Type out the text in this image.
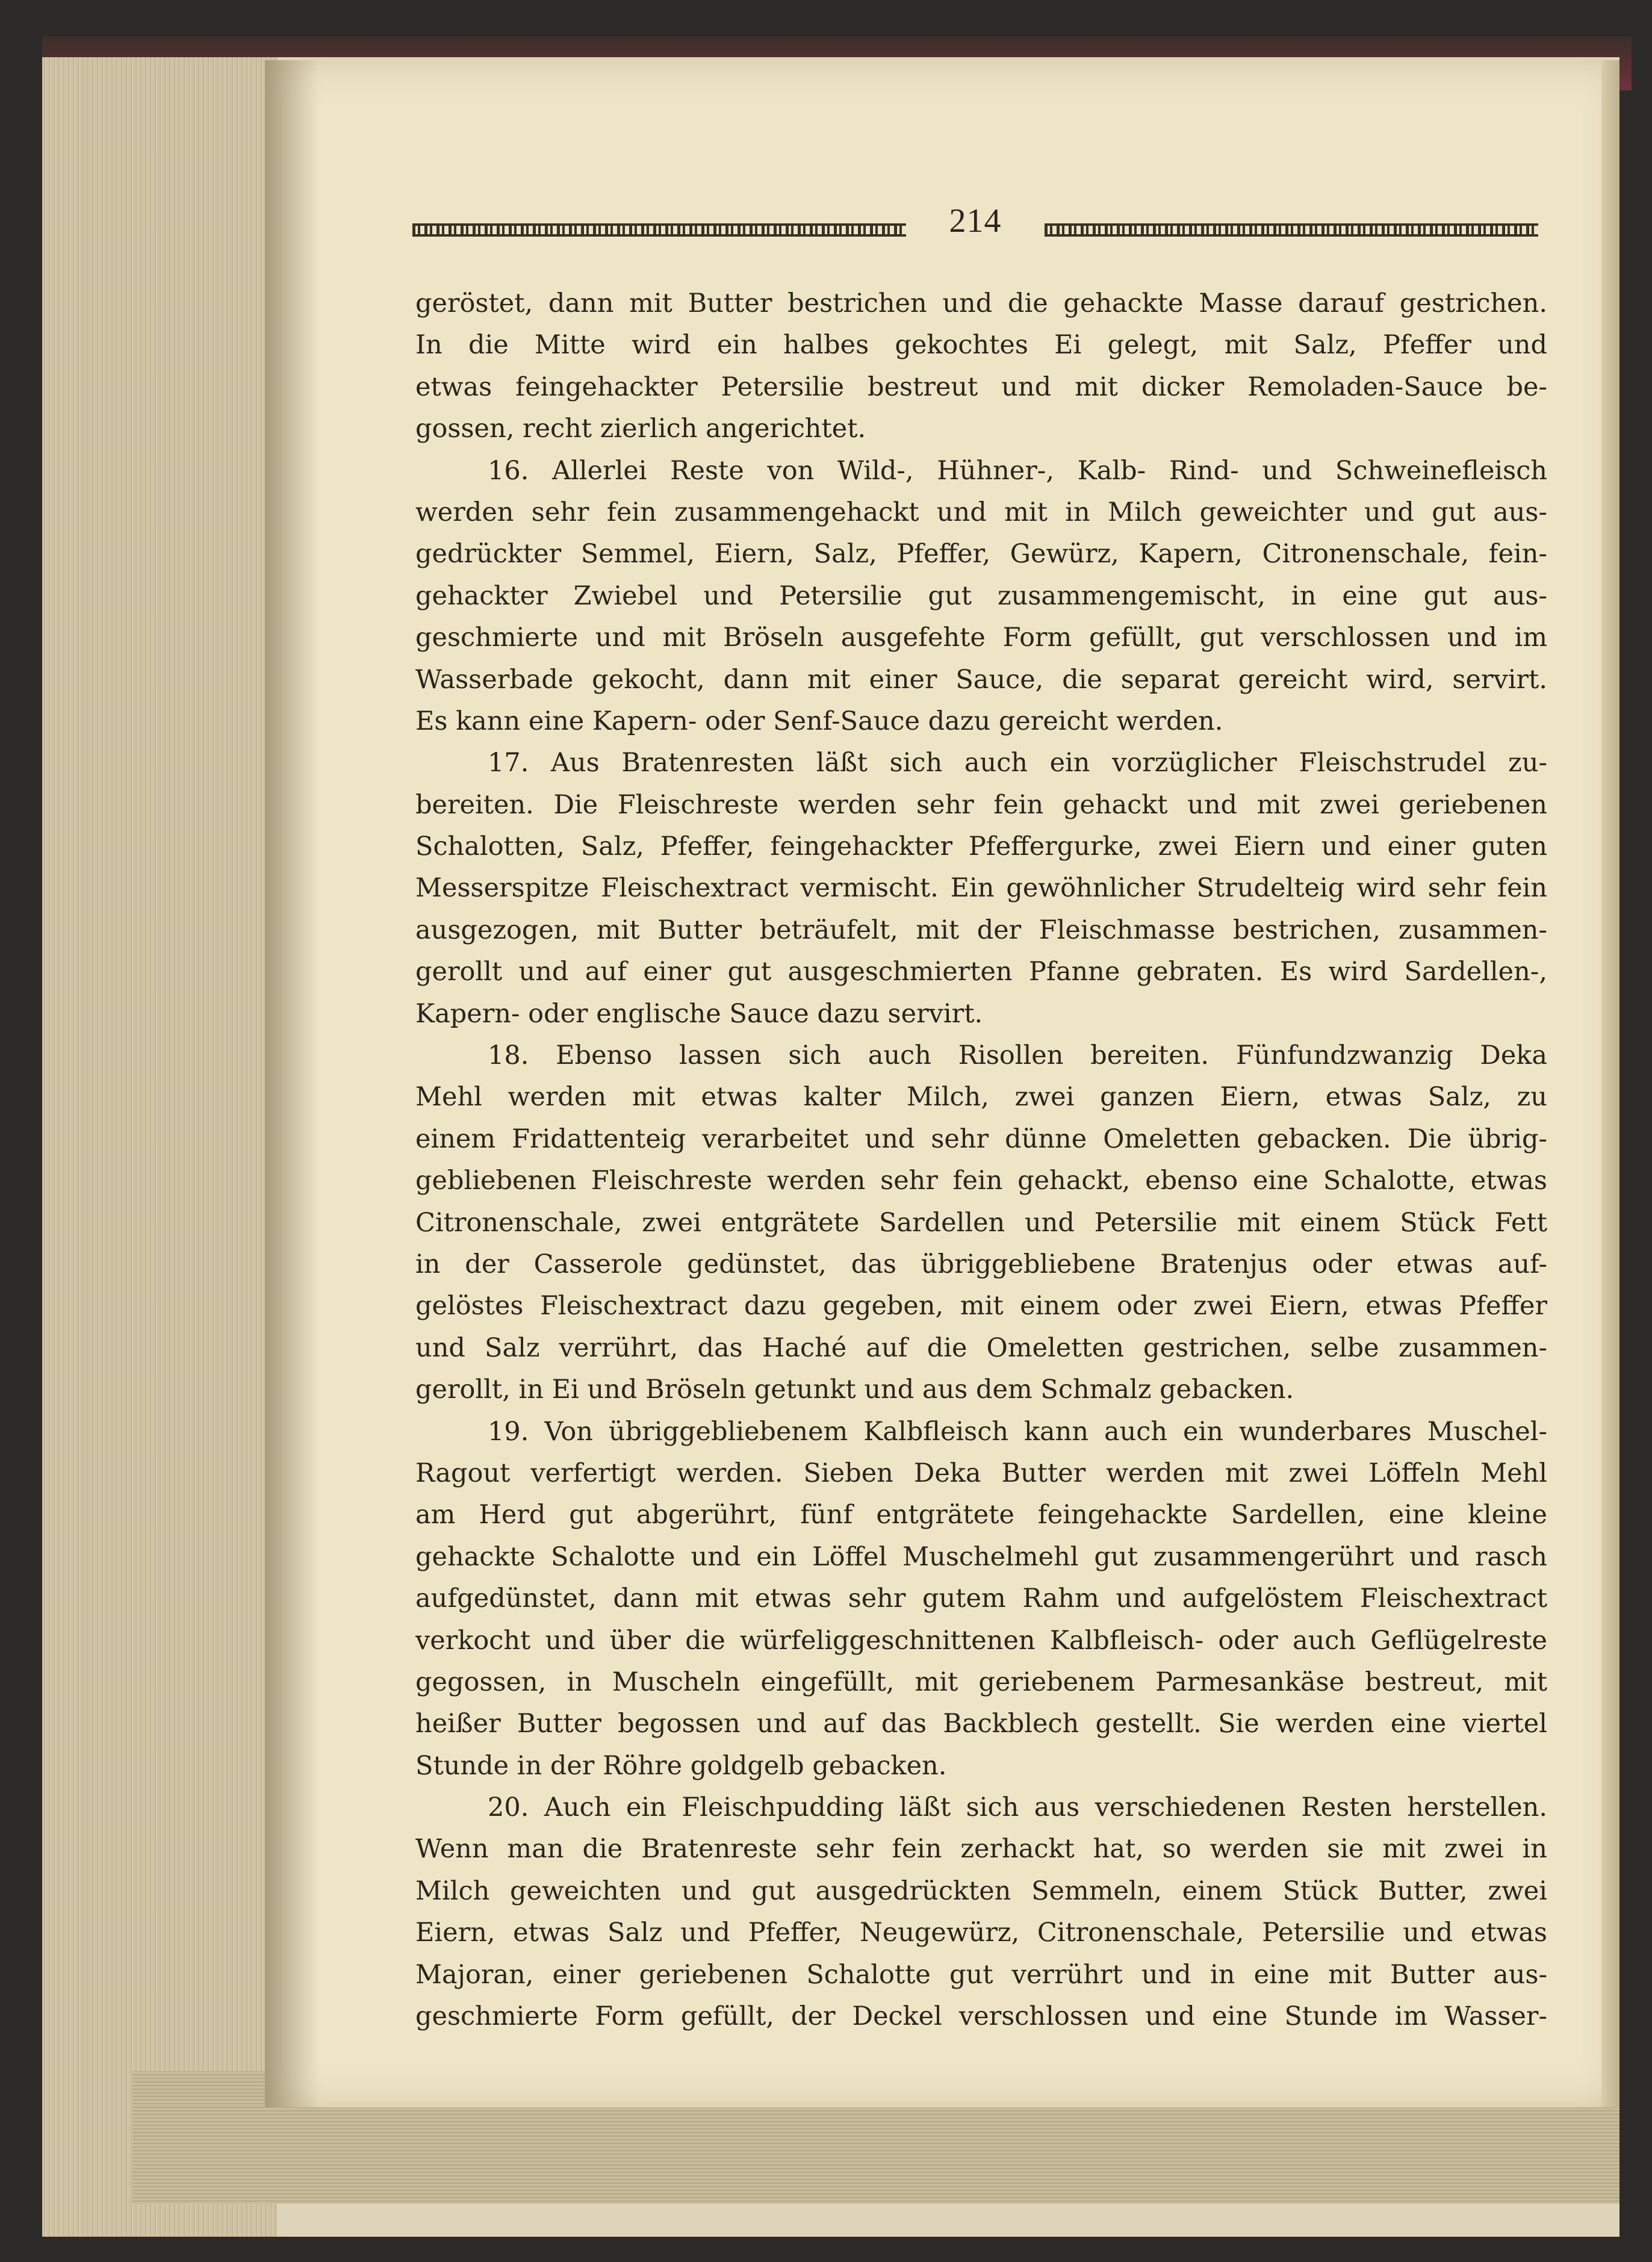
214
geröstet, dann mit Butter bestrichen und die gehackte Masse darauf gestrichen.
In die Mitte wird ein halbes gekochtes Ei gelegt, mit Salz, Pfeffer und
etwas feingehackter Petersilie bestreut und mit dicker Remoladen-Sauce be-
gossen, recht zierlich angerichtet.
16. Allerlei Reste von Wild-, Hühner-, Kalb- Rind- und Schweinefleisch
werden sehr fein zusammengehackt und mit in Milch geweichter und gut aus-
gedrückter Semmel, Eiern, Salz, Pfeffer, Gewürz, Kapern, Citronenschale, fein-
gehackter Zwiebel und Petersilie gut zusammengemischt, in eine gut aus-
geschmierte und mit Bröseln ausgefehte Form gefüllt, gut verschlossen und im
Wasserbade gekocht, dann mit einer Sauce, die separat gereicht wird, servirt.
Es kann eine Kapern- oder Senf-Sauce dazu gereicht werden.
17. Aus Bratenresten läßt sich auch ein vorzüglicher Fleischstrudel zu-
bereiten. Die Fleischreste werden sehr fein gehackt und mit zwei geriebenen
Schalotten, Salz, Pfeffer, feingehackter Pfeffergurke, zwei Eiern und einer guten
Messerspitze Fleischextract vermischt. Ein gewöhnlicher Strudelteig wird sehr fein
ausgezogen, mit Butter beträufelt, mit der Fleischmasse bestrichen, zusammen-
gerollt und auf einer gut ausgeschmierten Pfanne gebraten. Es wird Sardellen-,
Kapern- oder englische Sauce dazu servirt.
18. Ebenso lassen sich auch Risollen bereiten. Fünfundzwanzig Deka
Mehl werden mit etwas kalter Milch, zwei ganzen Eiern, etwas Salz, zu
einem Fridattenteig verarbeitet und sehr dünne Omeletten gebacken. Die übrig-
gebliebenen Fleischreste werden sehr fein gehackt, ebenso eine Schalotte, etwas
Citronenschale, zwei entgrätete Sardellen und Petersilie mit einem Stück Fett
in der Casserole gedünstet, das übriggebliebene Bratenjus oder etwas auf-
gelöstes Fleischextract dazu gegeben, mit einem oder zwei Eiern, etwas Pfeffer
und Salz verrührt, das Haché auf die Omeletten gestrichen, selbe zusammen-
gerollt, in Ei und Bröseln getunkt und aus dem Schmalz gebacken.
19. Von übriggebliebenem Kalbfleisch kann auch ein wunderbares Muschel-
Ragout verfertigt werden. Sieben Deka Butter werden mit zwei Löffeln Mehl
am Herd gut abgerührt, fünf entgrätete feingehackte Sardellen, eine kleine
gehackte Schalotte und ein Löffel Muschelmehl gut zusammengerührt und rasch
aufgedünstet, dann mit etwas sehr gutem Rahm und aufgelöstem Fleischextract
verkocht und über die würfeliggeschnittenen Kalbfleisch- oder auch Geflügelreste
gegossen, in Muscheln eingefüllt, mit geriebenem Parmesankäse bestreut, mit
heißer Butter begossen und auf das Backblech gestellt. Sie werden eine viertel
Stunde in der Röhre goldgelb gebacken.
20. Auch ein Fleischpudding läßt sich aus verschiedenen Resten herstellen.
Wenn man die Bratenreste sehr fein zerhackt hat, so werden sie mit zwei in
Milch geweichten und gut ausgedrückten Semmeln, einem Stück Butter, zwei
Eiern, etwas Salz und Pfeffer, Neugewürz, Citronenschale, Petersilie und etwas
Majoran, einer geriebenen Schalotte gut verrührt und in eine mit Butter aus-
geschmierte Form gefüllt, der Deckel verschlossen und eine Stunde im Wasser-
